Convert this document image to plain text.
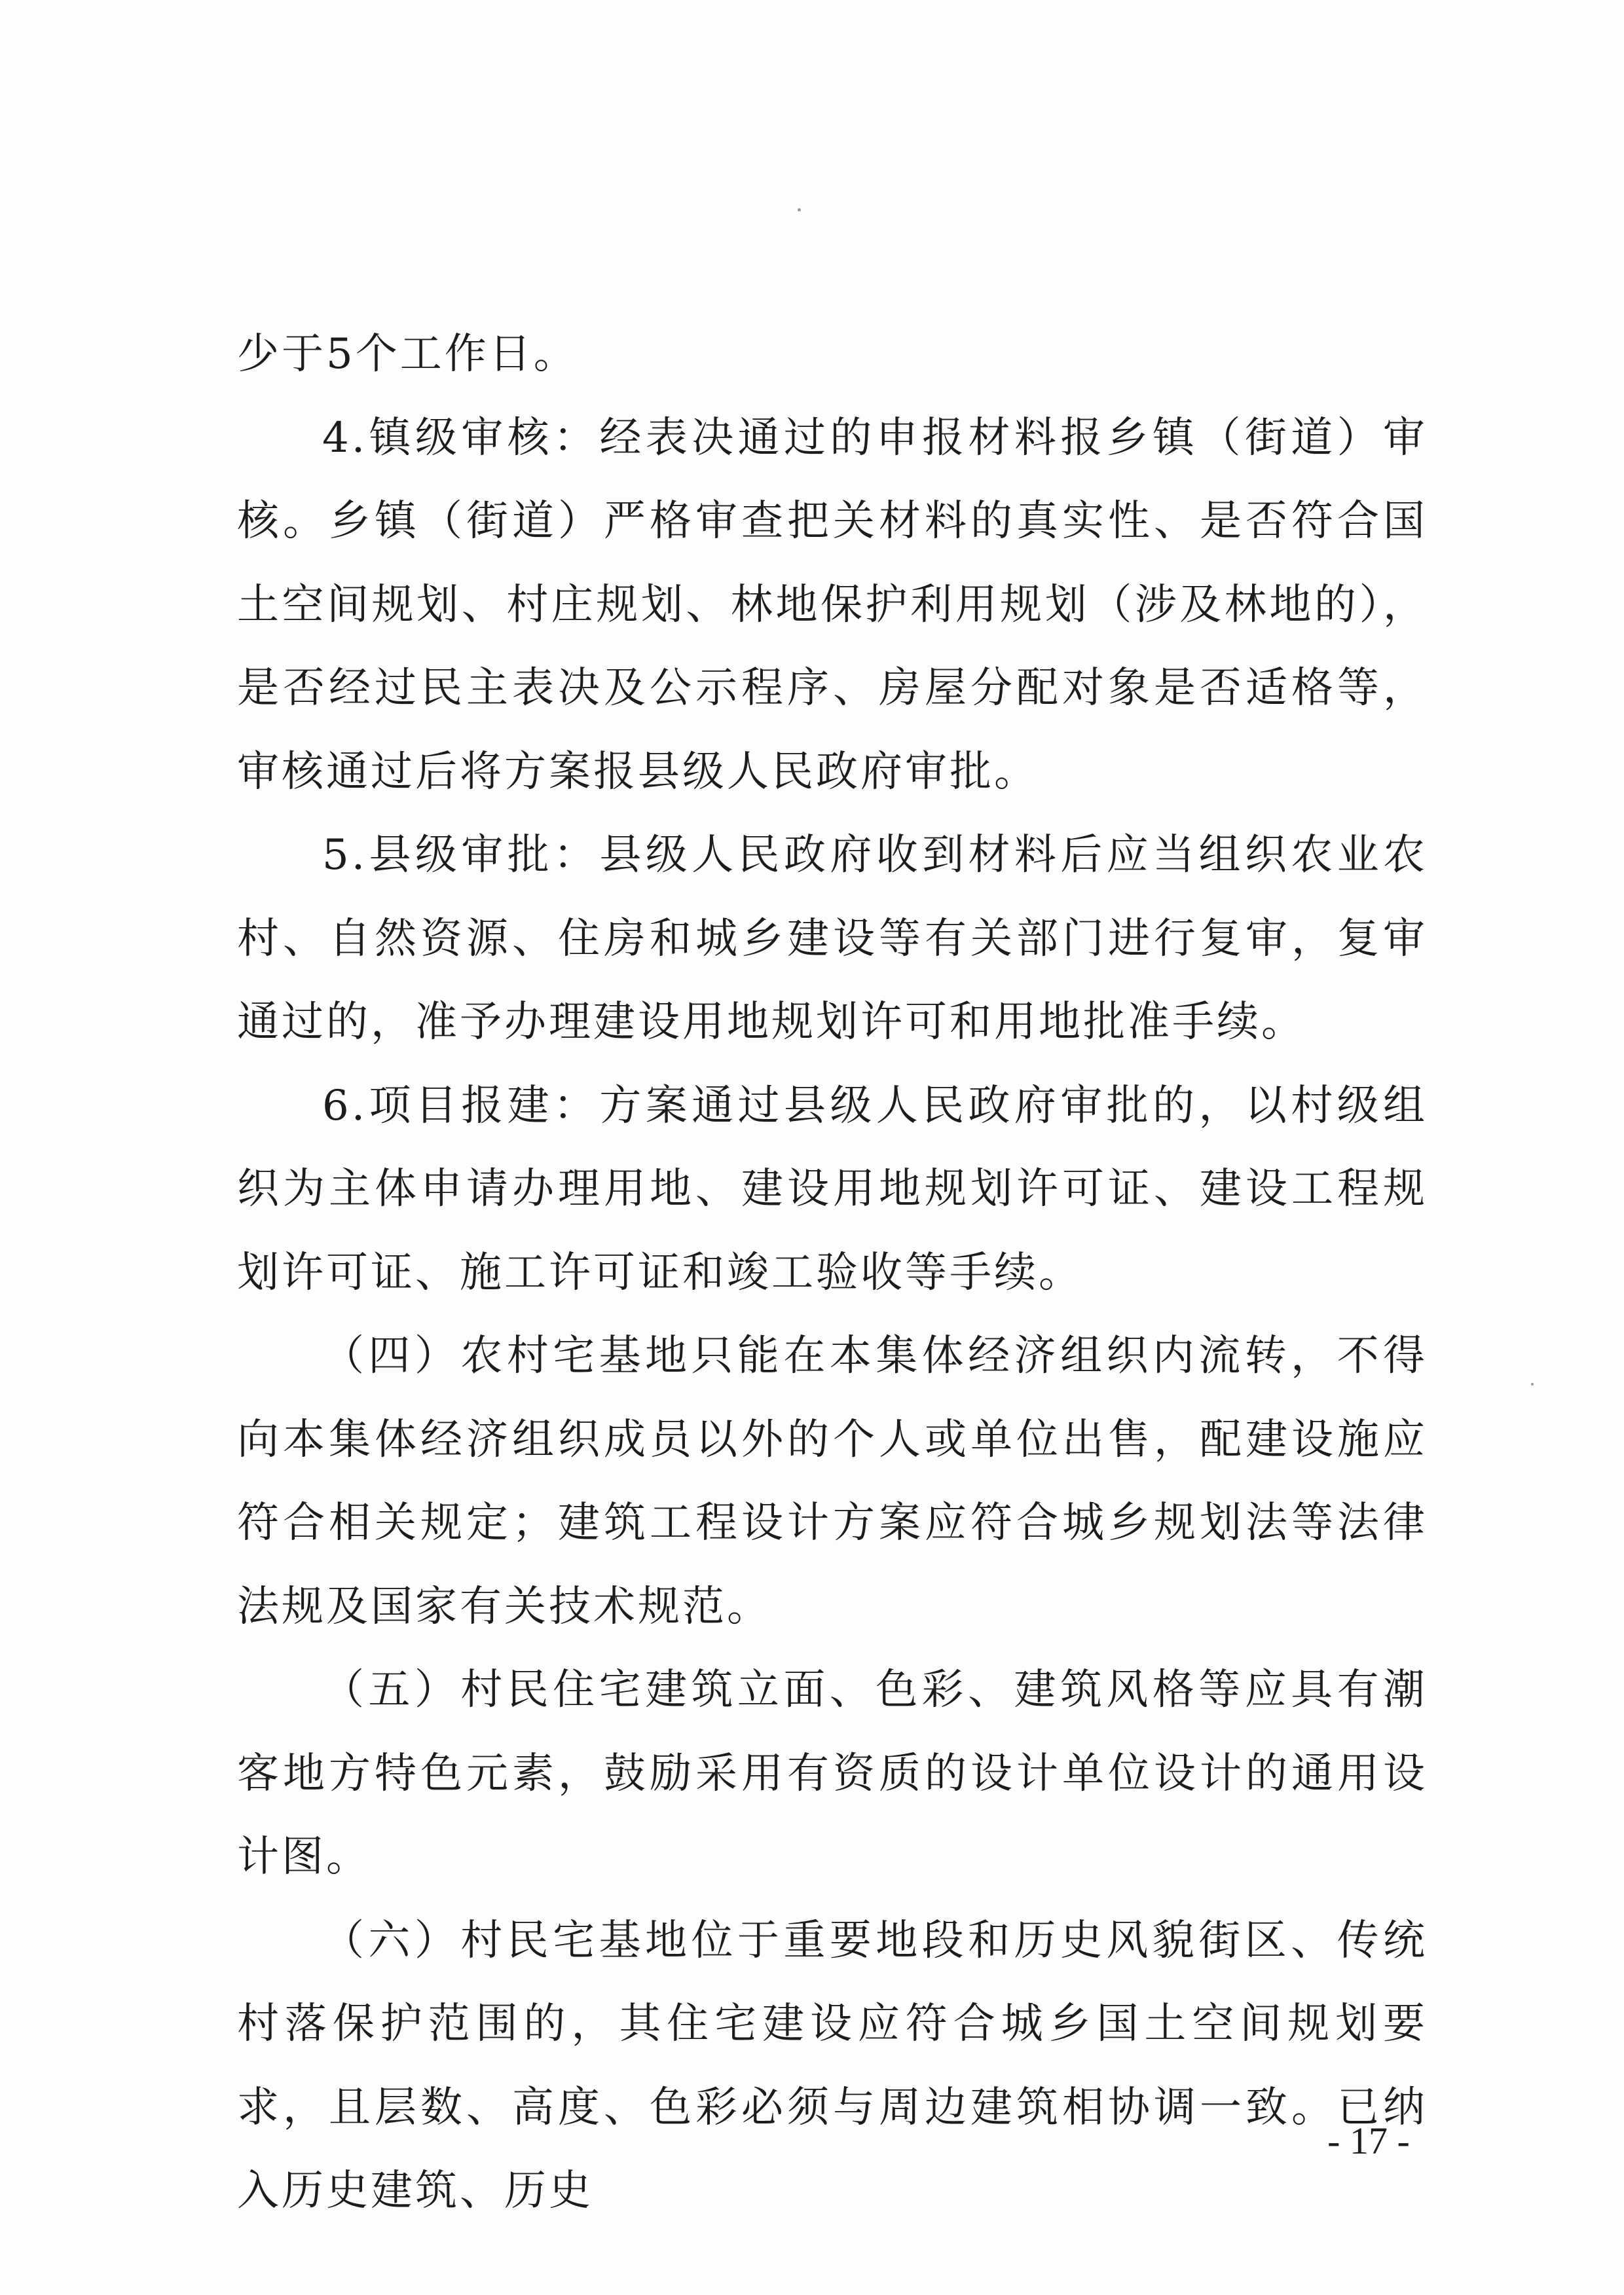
少于5个工作日。

4.镇级审核：经表决通过的申报材料报乡镇（街道）审核。乡镇（街道）严格审查把关材料的真实性、是否符合国土空间规划、村庄规划、林地保护利用规划（涉及林地的），是否经过民主表决及公示程序、房屋分配对象是否适格等，审核通过后将方案报县级人民政府审批。

5.县级审批：县级人民政府收到材料后应当组织农业农村、自然资源、住房和城乡建设等有关部门进行复审，复审通过的，准予办理建设用地规划许可和用地批准手续。

6.项目报建：方案通过县级人民政府审批的，以村级组织为主体申请办理用地、建设用地规划许可证、建设工程规划许可证、施工许可证和竣工验收等手续。

（四）农村宅基地只能在本集体经济组织内流转，不得向本集体经济组织成员以外的个人或单位出售，配建设施应符合相关规定；建筑工程设计方案应符合城乡规划法等法律法规及国家有关技术规范。

（五）村民住宅建筑立面、色彩、建筑风格等应具有潮客地方特色元素，鼓励采用有资质的设计单位设计的通用设计图。

（六）村民宅基地位于重要地段和历史风貌街区、传统村落保护范围的，其住宅建设应符合城乡国土空间规划要求，且层数、高度、色彩必须与周边建筑相协调一致。已纳入历史建筑、历史

- 17 -
